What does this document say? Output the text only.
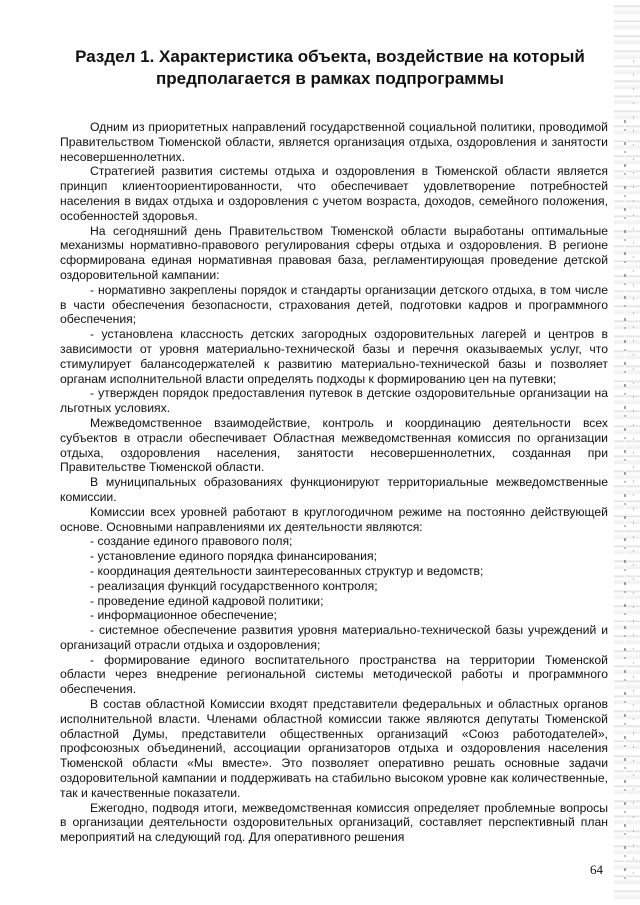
Раздел 1. Характеристика объекта, воздействие на который предполагается в рамках подпрограммы

Одним из приоритетных направлений государственной социальной политики, проводимой Правительством Тюменской области, является организация отдыха, оздоровления и занятости несовершеннолетних.

Стратегией развития системы отдыха и оздоровления в Тюменской области является принцип клиентоориентированности, что обеспечивает удовлетворение потребностей населения в видах отдыха и оздоровления с учетом возраста, доходов, семейного положения, особенностей здоровья.

На сегодняшний день Правительством Тюменской области выработаны оптимальные механизмы нормативно-правового регулирования сферы отдыха и оздоровления. В регионе сформирована единая нормативная правовая база, регламентирующая проведение детской оздоровительной кампании:

- нормативно закреплены порядок и стандарты организации детского отдыха, в том числе в части обеспечения безопасности, страхования детей, подготовки кадров и программного обеспечения;

- установлена классность детских загородных оздоровительных лагерей и центров в зависимости от уровня материально-технической базы и перечня оказываемых услуг, что стимулирует балансодержателей к развитию материально-технической базы и позволяет органам исполнительной власти определять подходы к формированию цен на путевки;

- утвержден порядок предоставления путевок в детские оздоровительные организации на льготных условиях.

Межведомственное взаимодействие, контроль и координацию деятельности всех субъектов в отрасли обеспечивает Областная межведомственная комиссия по организации отдыха, оздоровления населения, занятости несовершеннолетних, созданная при Правительстве Тюменской области.

В муниципальных образованиях функционируют территориальные межведомственные комиссии.

Комиссии всех уровней работают в круглогодичном режиме на постоянно действующей основе. Основными направлениями их деятельности являются:

- создание единого правового поля;

- установление единого порядка финансирования;

- координация деятельности заинтересованных структур и ведомств;

- реализация функций государственного контроля;

- проведение единой кадровой политики;

- информационное обеспечение;

- системное обеспечение развития уровня материально-технической базы учреждений и организаций отрасли отдыха и оздоровления;

- формирование единого воспитательного пространства на территории Тюменской области через внедрение региональной системы методической работы и программного обеспечения.

В состав областной Комиссии входят представители федеральных и областных органов исполнительной власти. Членами областной комиссии также являются депутаты Тюменской областной Думы, представители общественных организаций «Союз работодателей», профсоюзных объединений, ассоциации организаторов отдыха и оздоровления населения Тюменской области «Мы вместе». Это позволяет оперативно решать основные задачи оздоровительной кампании и поддерживать на стабильно высоком уровне как количественные, так и качественные показатели.

Ежегодно, подводя итоги, межведомственная комиссия определяет проблемные вопросы в организации деятельности оздоровительных организаций, составляет перспективный план мероприятий на следующий год. Для оперативного решения

64
